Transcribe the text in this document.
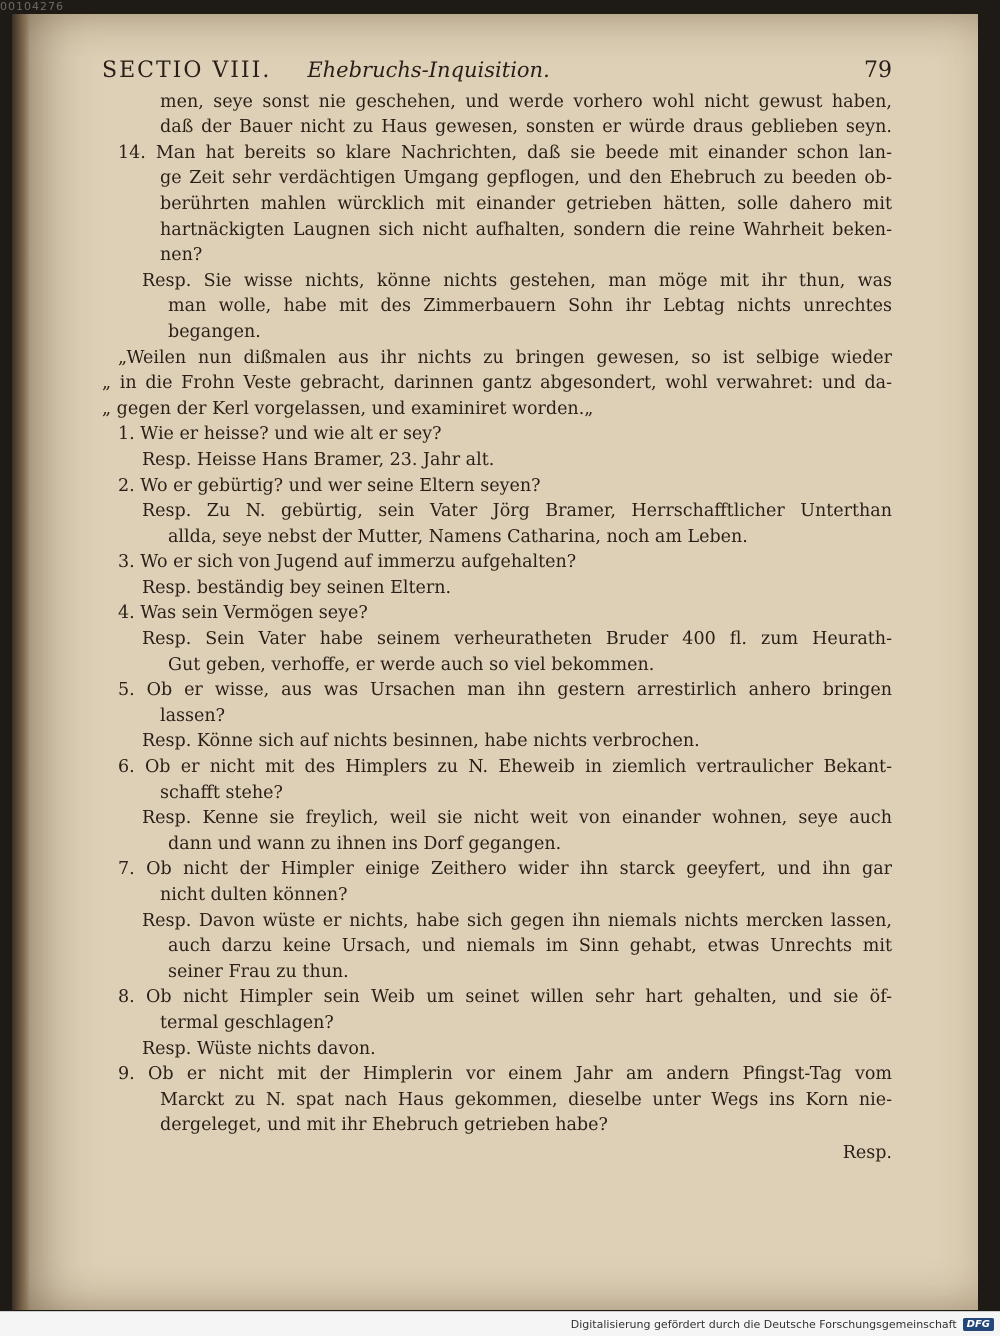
00104276
SECTIO VIII.	Ehebruchs-Inquisition.	79
men, seye sonst nie geschehen, und werde vorhero wohl nicht gewust haben,
daß der Bauer nicht zu Haus gewesen, sonsten er würde draus geblieben seyn.
14. Man hat bereits so klare Nachrichten, daß sie beede mit einander schon lan-
ge Zeit sehr verdächtigen Umgang gepflogen, und den Ehebruch zu beeden ob-
berührten mahlen würcklich mit einander getrieben hätten, solle dahero mit
hartnäckigten Laugnen sich nicht aufhalten, sondern die reine Wahrheit beken-
nen?
Resp. Sie wisse nichts, könne nichts gestehen, man möge mit ihr thun, was
man wolle, habe mit des Zimmerbauern Sohn ihr Lebtag nichts unrechtes
begangen.
„Weilen nun dißmalen aus ihr nichts zu bringen gewesen, so ist selbige wieder
„ in die Frohn Veste gebracht, darinnen gantz abgesondert, wohl verwahret: und da-
„ gegen der Kerl vorgelassen, und examiniret worden.„
1. Wie er heisse? und wie alt er sey?
Resp. Heisse Hans Bramer, 23. Jahr alt.
2. Wo er gebürtig? und wer seine Eltern seyen?
Resp. Zu N. gebürtig, sein Vater Jörg Bramer, Herrschafftlicher Unterthan
allda, seye nebst der Mutter, Namens Catharina, noch am Leben.
3. Wo er sich von Jugend auf immerzu aufgehalten?
Resp. beständig bey seinen Eltern.
4. Was sein Vermögen seye?
Resp. Sein Vater habe seinem verheuratheten Bruder 400 fl. zum Heurath-
Gut geben, verhoffe, er werde auch so viel bekommen.
5. Ob er wisse, aus was Ursachen man ihn gestern arrestirlich anhero bringen
lassen?
Resp. Könne sich auf nichts besinnen, habe nichts verbrochen.
6. Ob er nicht mit des Himplers zu N. Eheweib in ziemlich vertraulicher Bekant-
schafft stehe?
Resp. Kenne sie freylich, weil sie nicht weit von einander wohnen, seye auch
dann und wann zu ihnen ins Dorf gegangen.
7. Ob nicht der Himpler einige Zeithero wider ihn starck geeyfert, und ihn gar
nicht dulten können?
Resp. Davon wüste er nichts, habe sich gegen ihn niemals nichts mercken lassen,
auch darzu keine Ursach, und niemals im Sinn gehabt, etwas Unrechts mit
seiner Frau zu thun.
8. Ob nicht Himpler sein Weib um seinet willen sehr hart gehalten, und sie öf-
termal geschlagen?
Resp. Wüste nichts davon.
9. Ob er nicht mit der Himplerin vor einem Jahr am andern Pfingst-Tag vom
Marckt zu N. spat nach Haus gekommen, dieselbe unter Wegs ins Korn nie-
dergeleget, und mit ihr Ehebruch getrieben habe?
Resp.
Digitalisierung gefördert durch die Deutsche Forschungsgemeinschaft	DFG
